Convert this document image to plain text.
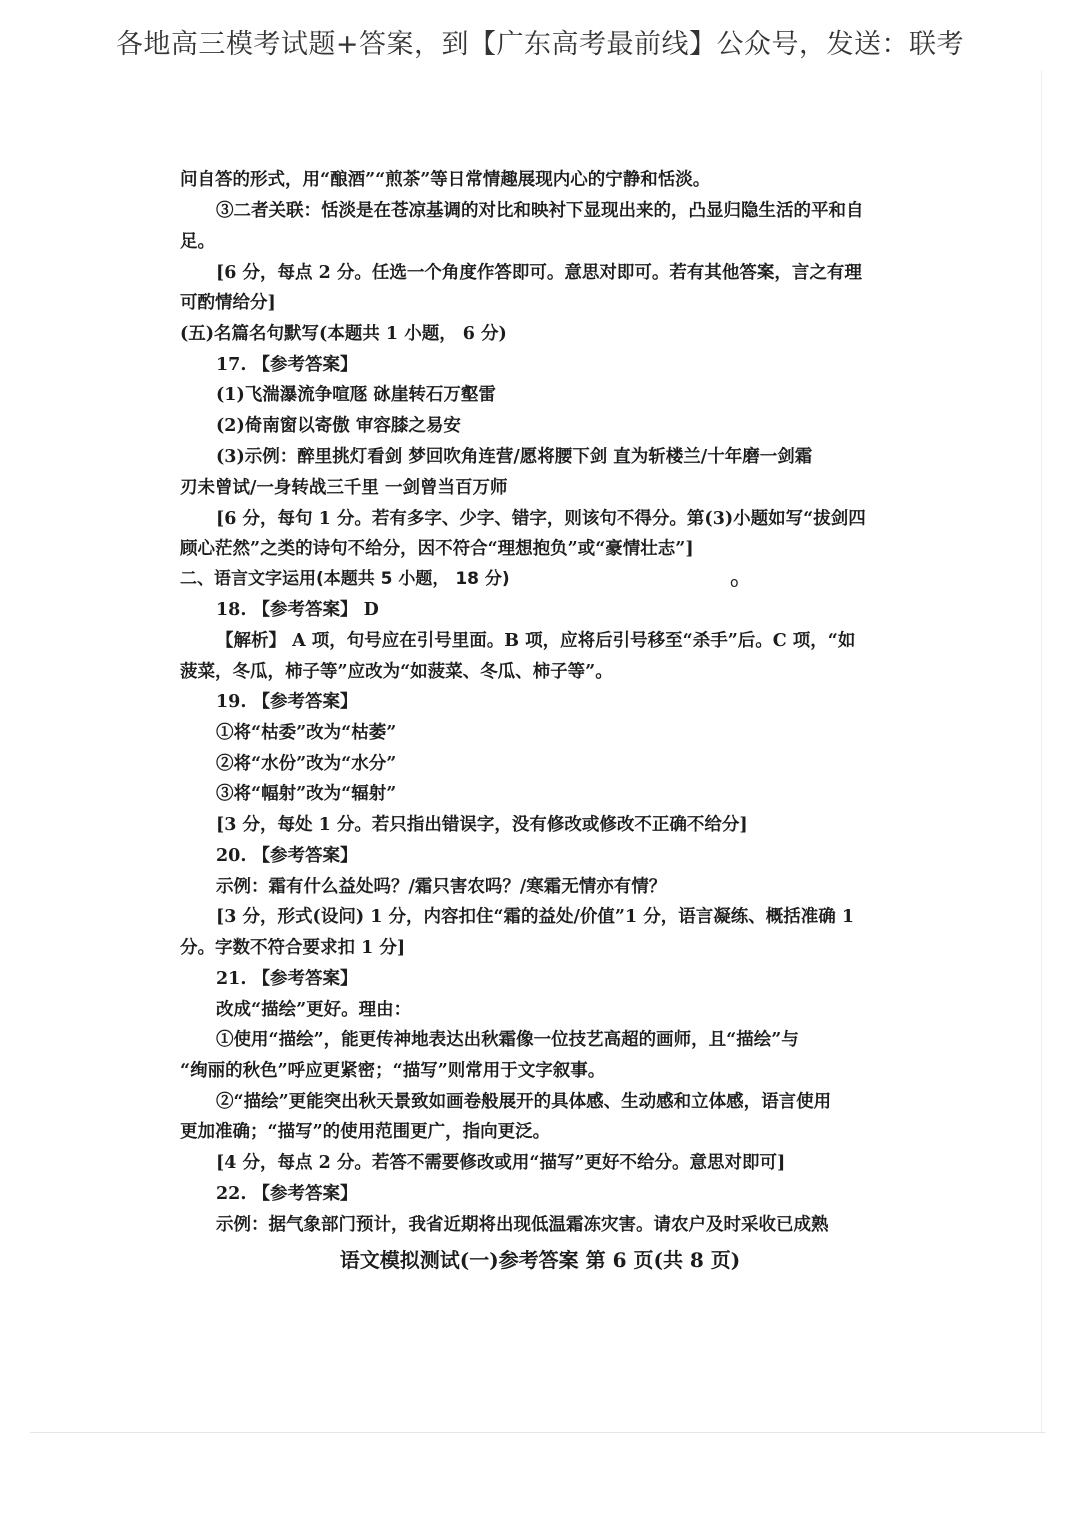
各地高三模考试题+答案，到【广东高考最前线】公众号，发送：联考
问自答的形式，用“酿酒”“煎茶”等日常情趣展现内心的宁静和恬淡。
③二者关联：恬淡是在苍凉基调的对比和映衬下显现出来的，凸显归隐生活的平和自
足。
[6 分，每点 2 分。任选一个角度作答即可。意思对即可。若有其他答案，言之有理
可酌情给分]
(五)名篇名句默写(本题共 1 小题， 6 分)
17. 【参考答案】
(1)飞湍瀑流争喧豗 砯崖转石万壑雷
(2)倚南窗以寄傲 审容膝之易安
(3)示例：醉里挑灯看剑 梦回吹角连营/愿将腰下剑 直为斩楼兰/十年磨一剑霜
刃未曾试/一身转战三千里 一剑曾当百万师
[6 分，每句 1 分。若有多字、少字、错字，则该句不得分。第(3)小题如写“拔剑四
顾心茫然”之类的诗句不给分，因不符合“理想抱负”或“豪情壮志”]
二、语言文字运用(本题共 5 小题， 18 分)
18. 【参考答案】 D
【解析】 A 项，句号应在引号里面。B 项，应将后引号移至“杀手”后。C 项，“如
菠菜，冬瓜，柿子等”应改为“如菠菜、冬瓜、柿子等”。
19. 【参考答案】
①将“枯委”改为“枯萎”
②将“水份”改为“水分”
③将“幅射”改为“辐射”
[3 分，每处 1 分。若只指出错误字，没有修改或修改不正确不给分]
20. 【参考答案】
示例：霜有什么益处吗？/霜只害农吗？/寒霜无情亦有情？
[3 分，形式(设问) 1 分，内容扣住“霜的益处/价值”1 分，语言凝练、概括准确 1
分。字数不符合要求扣 1 分]
21. 【参考答案】
改成“描绘”更好。理由：
①使用“描绘”，能更传神地表达出秋霜像一位技艺高超的画师，且“描绘”与
“绚丽的秋色”呼应更紧密；“描写”则常用于文字叙事。
②“描绘”更能突出秋天景致如画卷般展开的具体感、生动感和立体感，语言使用
更加准确；“描写”的使用范围更广，指向更泛。
[4 分，每点 2 分。若答不需要修改或用“描写”更好不给分。意思对即可]
22. 【参考答案】
示例：据气象部门预计，我省近期将出现低温霜冻灾害。请农户及时采收已成熟
o
语文模拟测试(一)参考答案 第 6 页(共 8 页)
